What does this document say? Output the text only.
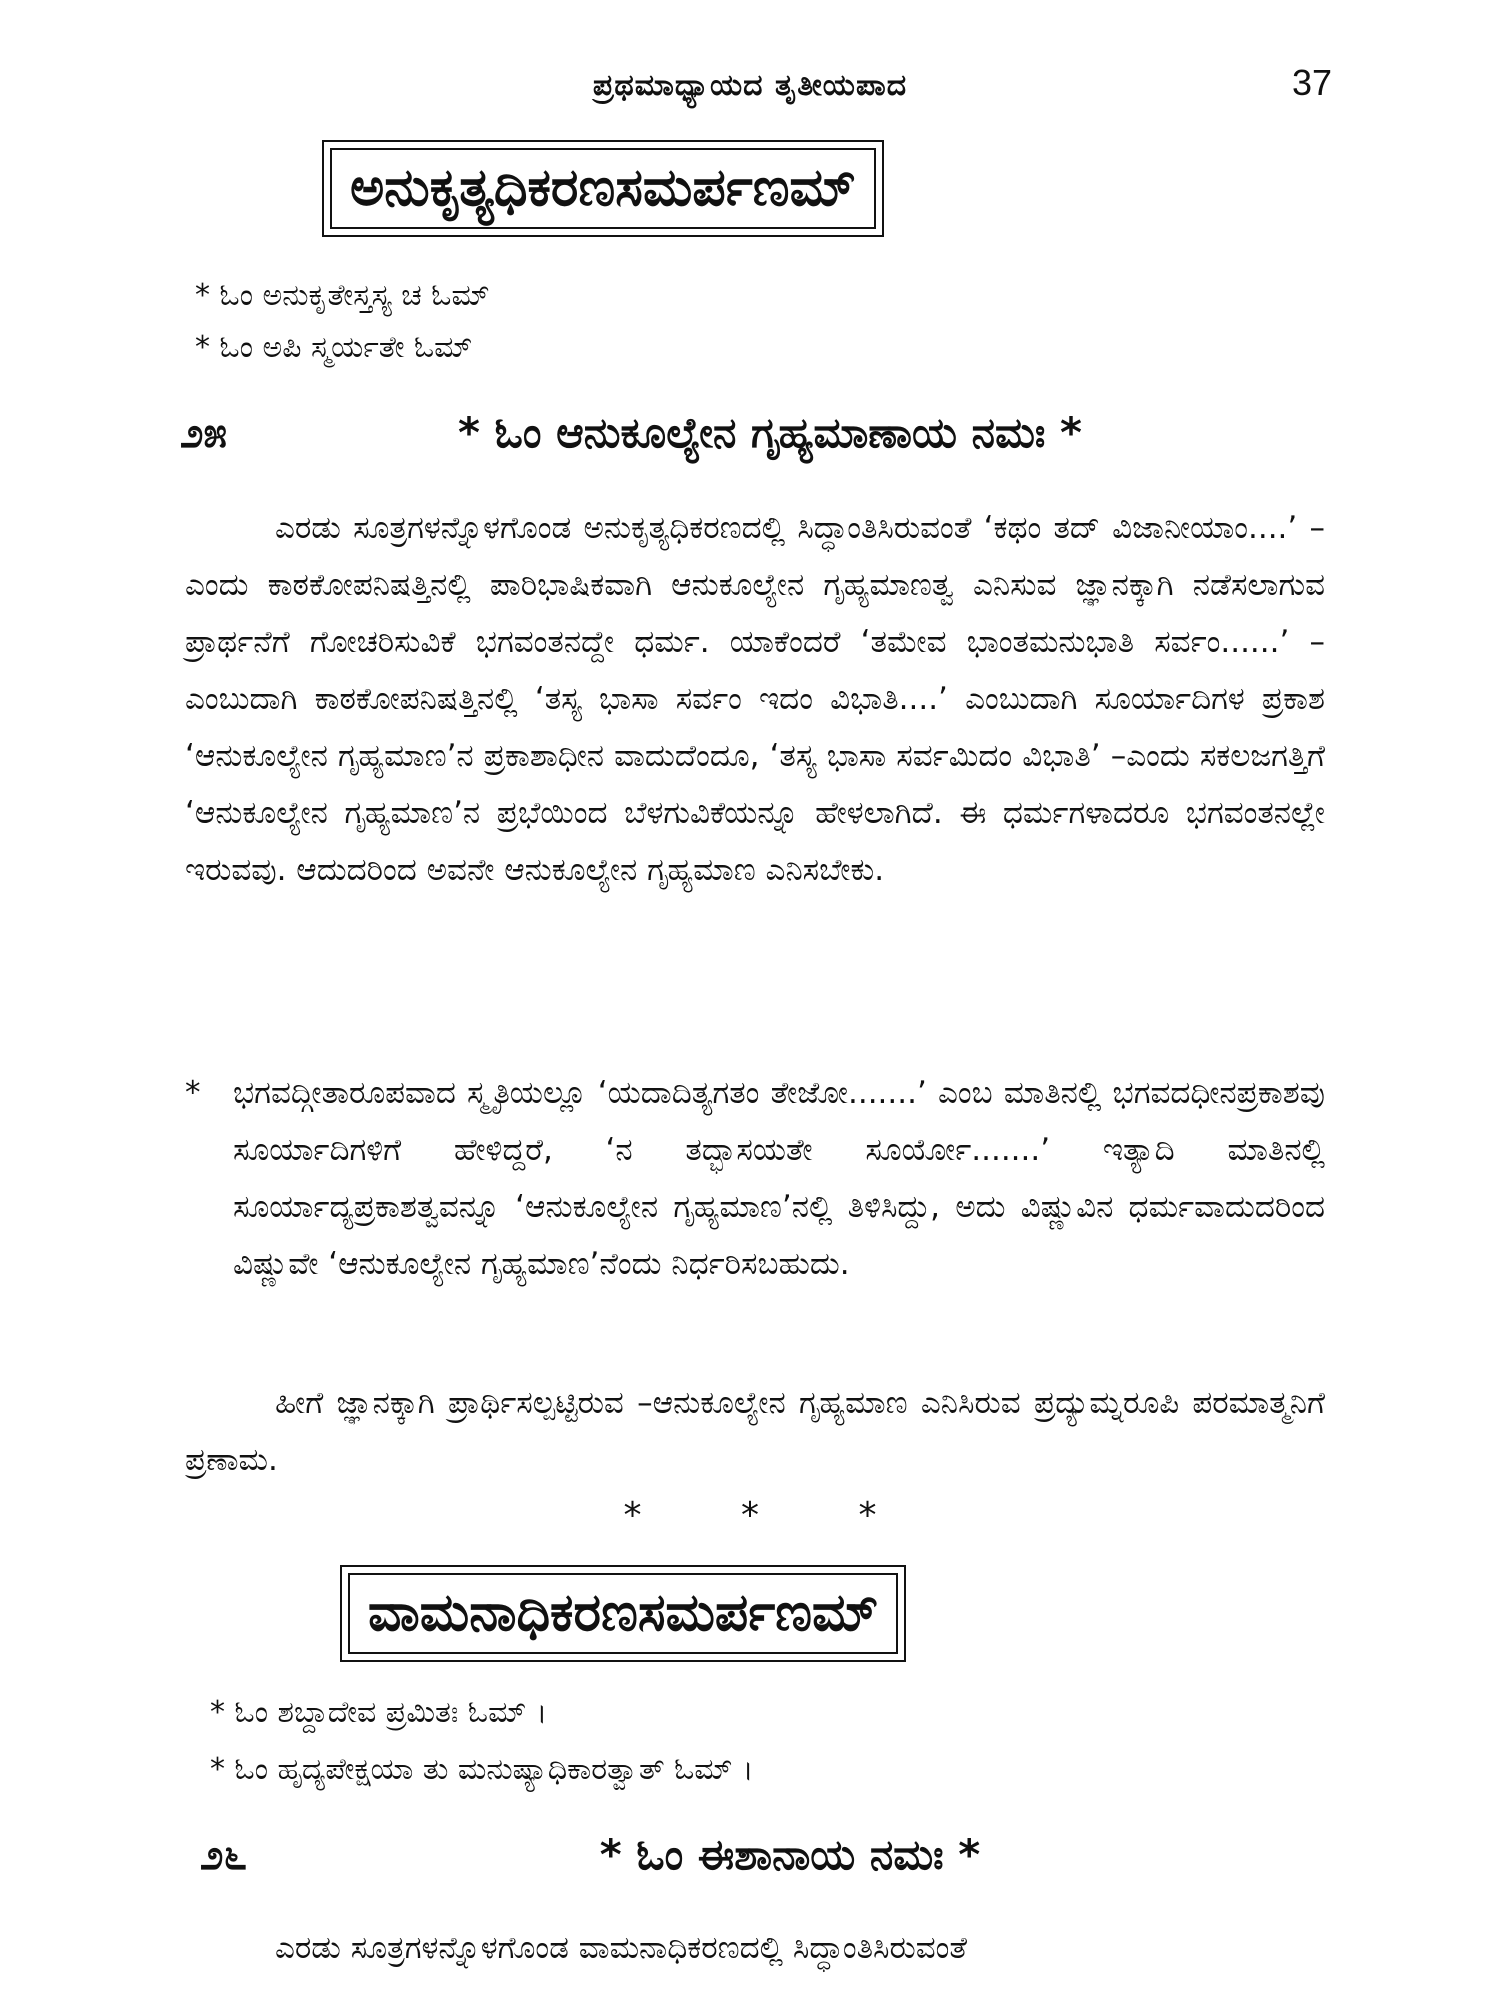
ಪ್ರಥಮಾಧ್ಯಾಯದ ತೃತೀಯಪಾದ	37
ಅನುಕೃತ್ಯಧಿಕರಣಸಮರ್ಪಣಮ್
* ಓಂ ಅನುಕೃತೇಸ್ತಸ್ಯ ಚ ಓಮ್
* ಓಂ ಅಪಿ ಸ್ಮರ್ಯತೇ ಓಮ್
೨೫	* ಓಂ ಆನುಕೂಲ್ಯೇನ ಗೃಹ್ಯಮಾಣಾಯ ನಮಃ *
ಎರಡು ಸೂತ್ರಗಳನ್ನೊಳಗೊಂಡ ಅನುಕೃತ್ಯಧಿಕರಣದಲ್ಲಿ ಸಿದ್ಧಾಂತಿಸಿರುವಂತೆ ‘ಕಥಂ ತದ್ ವಿಜಾನೀಯಾಂ....’ –ಎಂದು ಕಾಠಕೋಪನಿಷತ್ತಿನಲ್ಲಿ ಪಾರಿಭಾಷಿಕವಾಗಿ ಆನುಕೂಲ್ಯೇನ ಗೃಹ್ಯಮಾಣತ್ವ ಎನಿಸುವ ಜ್ಞಾನಕ್ಕಾಗಿ ನಡೆಸಲಾಗುವ ಪ್ರಾರ್ಥನೆಗೆ ಗೋಚರಿಸುವಿಕೆ ಭಗವಂತನದ್ದೇ ಧರ್ಮ. ಯಾಕೆಂದರೆ ‘ತಮೇವ ಭಾಂತಮನುಭಾತಿ ಸರ್ವಂ......’ –ಎಂಬುದಾಗಿ ಕಾಠಕೋಪನಿಷತ್ತಿನಲ್ಲಿ ‘ತಸ್ಯ ಭಾಸಾ ಸರ್ವಂ ಇದಂ ವಿಭಾತಿ....’ ಎಂಬುದಾಗಿ ಸೂರ್ಯಾದಿಗಳ ಪ್ರಕಾಶ ‘ಆನುಕೂಲ್ಯೇನ ಗೃಹ್ಯಮಾಣ’ನ ಪ್ರಕಾಶಾಧೀನ ವಾದುದೆಂದೂ, ‘ತಸ್ಯ ಭಾಸಾ ಸರ್ವಮಿದಂ ವಿಭಾತಿ’ –ಎಂದು ಸಕಲಜಗತ್ತಿಗೆ ‘ಆನುಕೂಲ್ಯೇನ ಗೃಹ್ಯಮಾಣ’ನ ಪ್ರಭೆಯಿಂದ ಬೆಳಗುವಿಕೆಯನ್ನೂ ಹೇಳಲಾಗಿದೆ. ಈ ಧರ್ಮಗಳಾದರೂ ಭಗವಂತನಲ್ಲೇ ಇರುವವು. ಆದುದರಿಂದ ಅವನೇ ಆನುಕೂಲ್ಯೇನ ಗೃಹ್ಯಮಾಣ ಎನಿಸಬೇಕು.
* ಭಗವದ್ಗೀತಾರೂಪವಾದ ಸ್ಮೃತಿಯಲ್ಲೂ ‘ಯದಾದಿತ್ಯಗತಂ ತೇಜೋ.......’ ಎಂಬ ಮಾತಿನಲ್ಲಿ ಭಗವದಧೀನಪ್ರಕಾಶವು ಸೂರ್ಯಾದಿಗಳಿಗೆ ಹೇಳಿದ್ದರೆ, ‘ನ ತದ್ಭಾಸಯತೇ ಸೂರ್ಯೋ.......’ ಇತ್ಯಾದಿ ಮಾತಿನಲ್ಲಿ ಸೂರ್ಯಾದ್ಯಪ್ರಕಾಶತ್ವವನ್ನೂ ‘ಆನುಕೂಲ್ಯೇನ ಗೃಹ್ಯಮಾಣ’ನಲ್ಲಿ ತಿಳಿಸಿದ್ದು, ಅದು ವಿಷ್ಣುವಿನ ಧರ್ಮವಾದುದರಿಂದ ವಿಷ್ಣುವೇ ‘ಆನುಕೂಲ್ಯೇನ ಗೃಹ್ಯಮಾಣ’ನೆಂದು ನಿರ್ಧರಿಸಬಹುದು.
ಹೀಗೆ ಜ್ಞಾನಕ್ಕಾಗಿ ಪ್ರಾರ್ಥಿಸಲ್ಪಟ್ಟಿರುವ –ಆನುಕೂಲ್ಯೇನ ಗೃಹ್ಯಮಾಣ ಎನಿಸಿರುವ ಪ್ರದ್ಯುಮ್ನರೂಪಿ ಪರಮಾತ್ಮನಿಗೆ ಪ್ರಣಾಮ.
*	*	*
ವಾಮನಾಧಿಕರಣಸಮರ್ಪಣಮ್
* ಓಂ ಶಬ್ದಾದೇವ ಪ್ರಮಿತಃ ಓಮ್ ।
* ಓಂ ಹೃದ್ಯಪೇಕ್ಷಯಾ ತು ಮನುಷ್ಯಾಧಿಕಾರತ್ವಾತ್ ಓಮ್ ।
೨೬	* ಓಂ ಈಶಾನಾಯ ನಮಃ *
ಎರಡು ಸೂತ್ರಗಳನ್ನೊಳಗೊಂಡ ವಾಮನಾಧಿಕರಣದಲ್ಲಿ ಸಿದ್ಧಾಂತಿಸಿರುವಂತೆ
